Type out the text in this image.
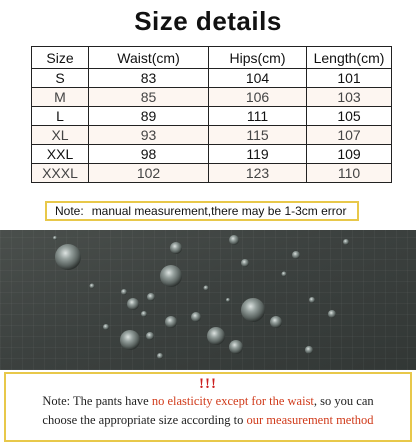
Size details
Size	Waist(cm)	Hips(cm)	Length(cm)
S	83	104	101
M	85	106	103
L	89	111	105
XL	93	115	107
XXL	98	119	109
XXXL	102	123	110
Note: manual measurement,there may be 1-3cm error
!!!
Note: The pants have no elasticity except for the waist, so you can
choose the appropriate size according to our measurement method
